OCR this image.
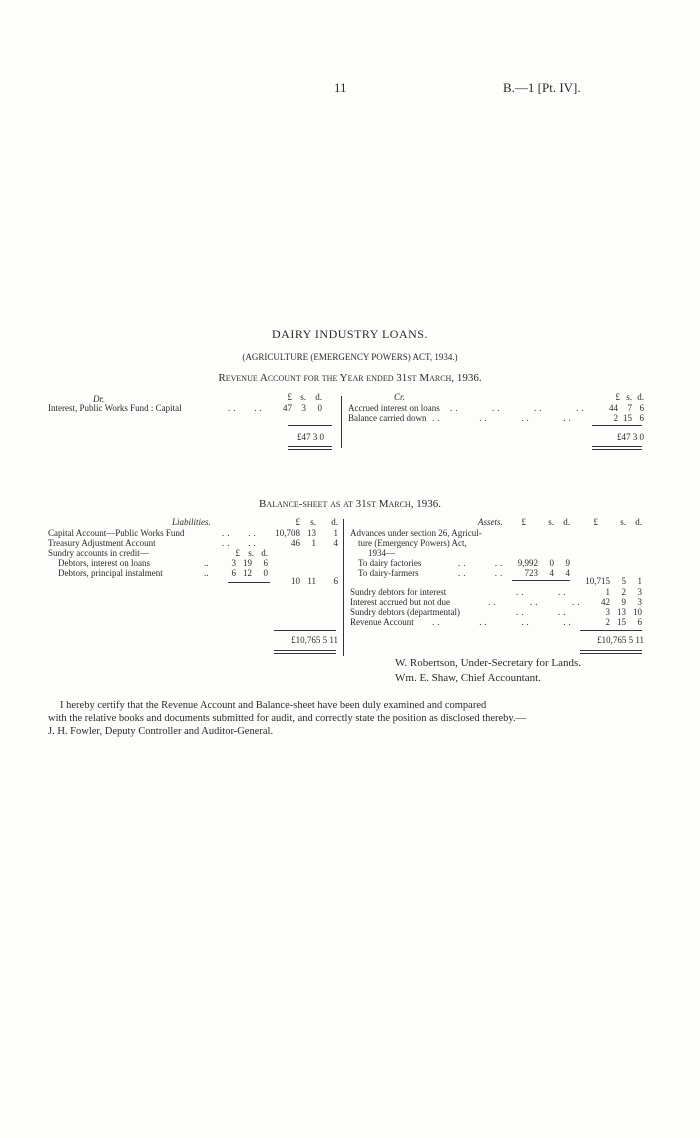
11	B.—1 [Pt. IV].
DAIRY INDUSTRY LOANS.
(AGRICULTURE (EMERGENCY POWERS) ACT, 1934.)
Revenue Account for the Year ended 31st March, 1936.
Dr.	Cr.
£ s.	d.	£ s. d.
Interest, Public Works Fund : Capital	..   ..	47	3	0	Accrued interest on loans ..      ..      ..      ..	44	7 6
Balance carried down ..       ..      ..      ..	2 15 6
£47 3 0	£47 3 0
Balance-sheet as at 31st March, 1936.
Liabilities.	£	s.	d.	Assets.	£	s.	d.	£	s.	d.
Capital Account—Public Works Fund	..   ..	10,708 13	1
Treasury Adjustment Account	..   ..	46	1	4
Sundry accounts in credit—	£ s. d.
Debtors, interest on loans	..	3 19	6
Debtors, principal instalment	..	6 12	0
10 11	6
Advances under section 26, Agricul-
ture (Emergency Powers) Act,
1934—
To dairy factories	..     ..	9,992	0	9
To dairy-farmers	..     ..	723	4	4
10,715	5	1
Sundry debtors for interest	..      ..	1	2	3
Interest accrued but not due	..      ..      ..	42	9	3
Sundry debtors (departmental)	..      ..	3 13 10
Revenue Account ..       ..      ..      ..	2 15	6
£10,765 5 11	£10,765 5 11
W. Robertson, Under-Secretary for Lands.
Wm. E. Shaw, Chief Accountant.
I hereby certify that the Revenue Account and Balance-sheet have been duly examined and compared
with the relative books and documents submitted for audit, and correctly state the position as disclosed thereby.—
J. H. Fowler, Deputy Controller and Auditor-General.
